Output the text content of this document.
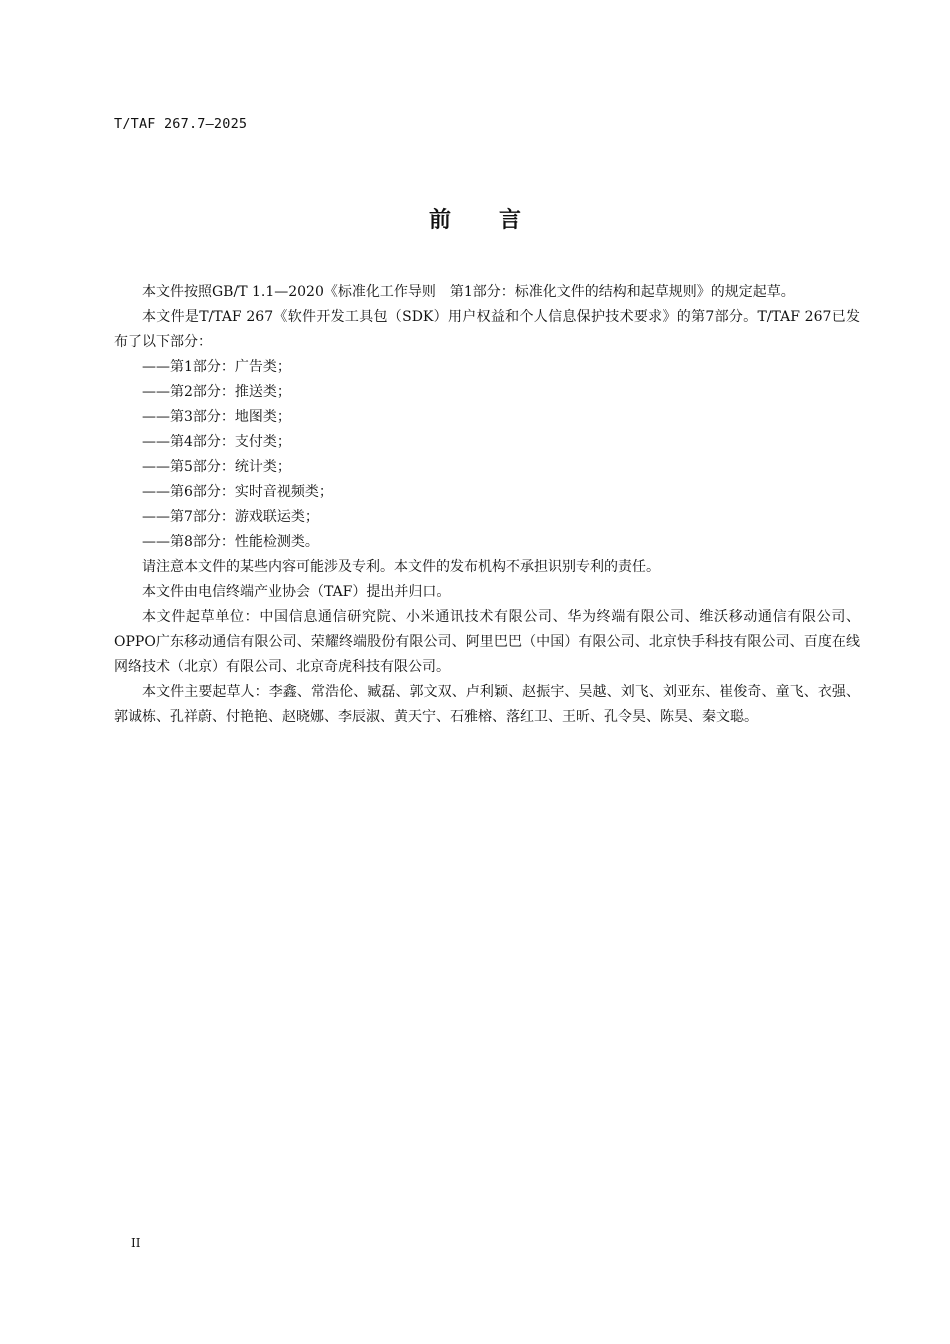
T/TAF 267.7—2025
前言

本文件按照GB/T 1.1—2020《标准化工作导则　第1部分：标准化文件的结构和起草规则》的规定起草。

本文件是T/TAF 267《软件开发工具包（SDK）用户权益和个人信息保护技术要求》的第7部分。T/TAF 267已发布了以下部分：

——第1部分：广告类；

——第2部分：推送类；

——第3部分：地图类；

——第4部分：支付类；

——第5部分：统计类；

——第6部分：实时音视频类；

——第7部分：游戏联运类；

——第8部分：性能检测类。

请注意本文件的某些内容可能涉及专利。本文件的发布机构不承担识别专利的责任。

本文件由电信终端产业协会（TAF）提出并归口。

本文件起草单位：中国信息通信研究院、小米通讯技术有限公司、华为终端有限公司、维沃移动通信有限公司、OPPO广东移动通信有限公司、荣耀终端股份有限公司、阿里巴巴（中国）有限公司、北京快手科技有限公司、百度在线网络技术（北京）有限公司、北京奇虎科技有限公司。

本文件主要起草人：李鑫、常浩伦、臧磊、郭文双、卢利颖、赵振宇、吴越、刘飞、刘亚东、崔俊奇、童飞、衣强、郭诚栋、孔祥蔚、付艳艳、赵晓娜、李辰淑、黄天宁、石雅榕、落红卫、王昕、孔令昊、陈昊、秦文聪。

II
